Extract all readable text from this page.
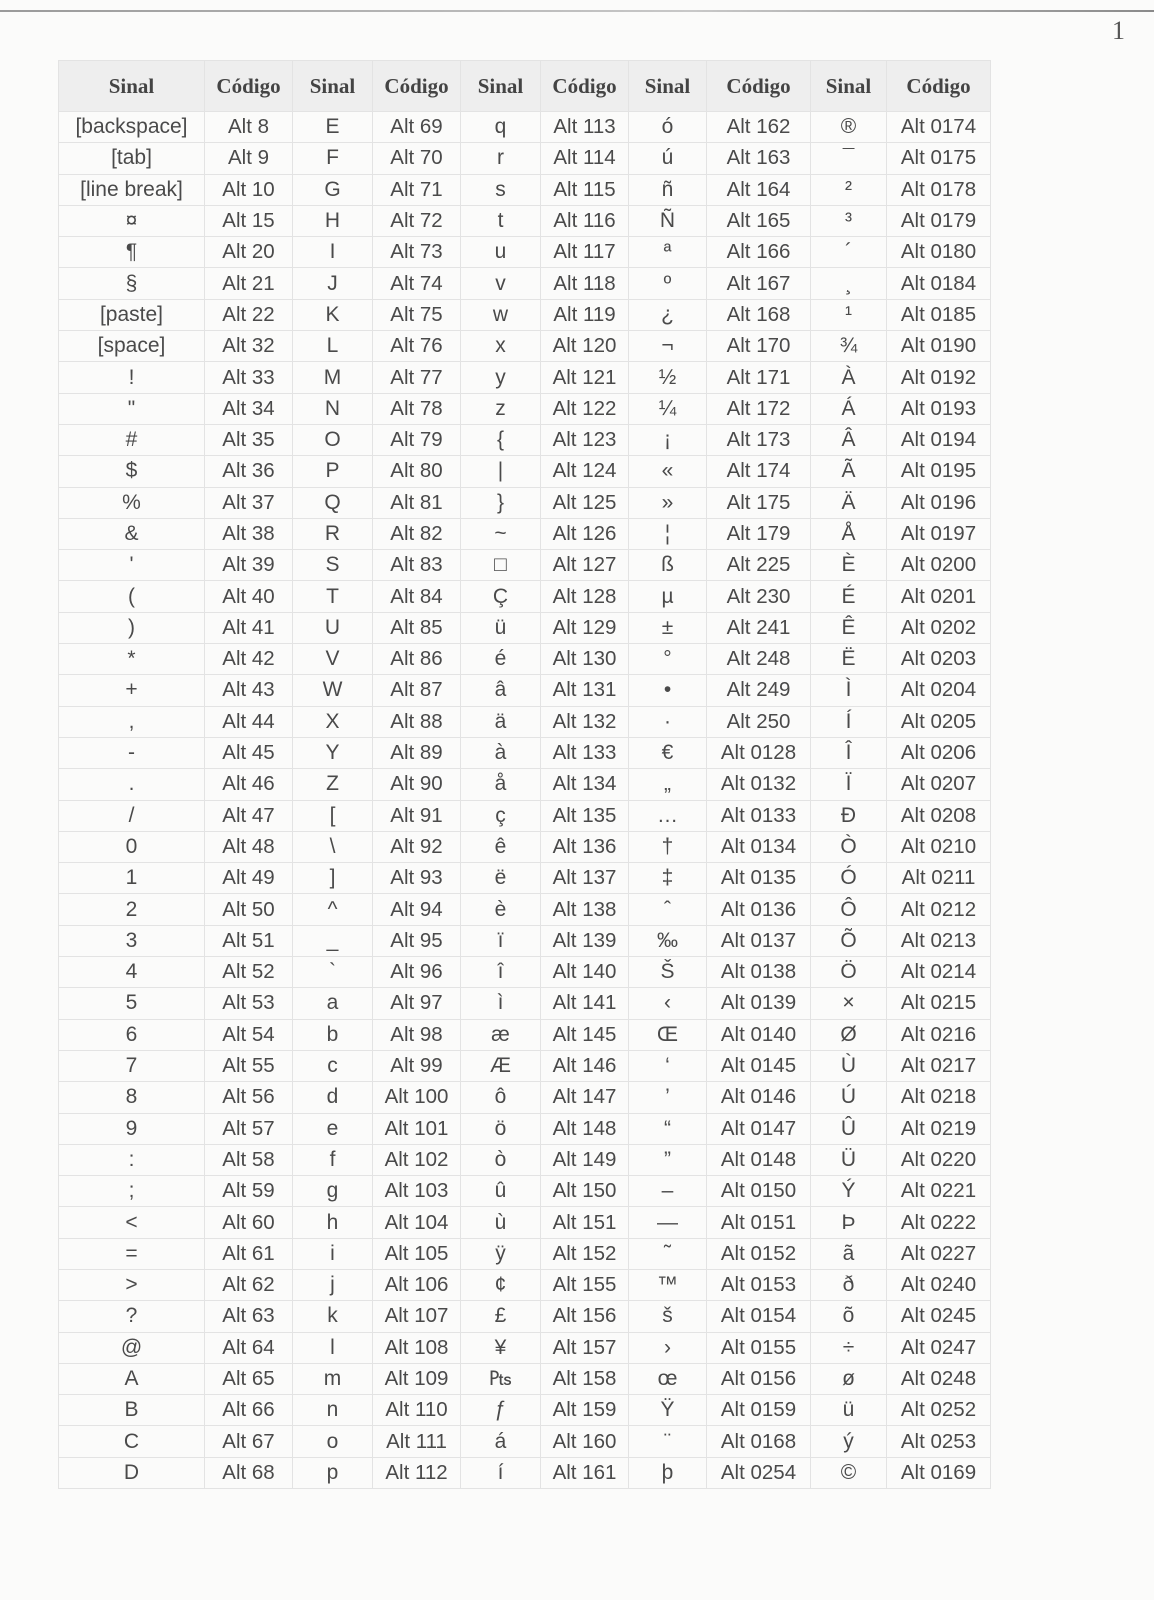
1
Sinal	Código	Sinal	Código	Sinal	Código	Sinal	Código	Sinal	Código
[backspace]	Alt 8	E	Alt 69	q	Alt 113	ó	Alt 162	®	Alt 0174
[tab]	Alt 9	F	Alt 70	r	Alt 114	ú	Alt 163	¯	Alt 0175
[line break]	Alt 10	G	Alt 71	s	Alt 115	ñ	Alt 164	²	Alt 0178
¤	Alt 15	H	Alt 72	t	Alt 116	Ñ	Alt 165	³	Alt 0179
¶	Alt 20	I	Alt 73	u	Alt 117	ª	Alt 166	´	Alt 0180
§	Alt 21	J	Alt 74	v	Alt 118	º	Alt 167	¸	Alt 0184
[paste]	Alt 22	K	Alt 75	w	Alt 119	¿	Alt 168	¹	Alt 0185
[space]	Alt 32	L	Alt 76	x	Alt 120	¬	Alt 170	¾	Alt 0190
!	Alt 33	M	Alt 77	y	Alt 121	½	Alt 171	À	Alt 0192
"	Alt 34	N	Alt 78	z	Alt 122	¼	Alt 172	Á	Alt 0193
#	Alt 35	O	Alt 79	{	Alt 123	¡	Alt 173	Â	Alt 0194
$	Alt 36	P	Alt 80	|	Alt 124	«	Alt 174	Ã	Alt 0195
%	Alt 37	Q	Alt 81	}	Alt 125	»	Alt 175	Ä	Alt 0196
&	Alt 38	R	Alt 82	~	Alt 126	¦	Alt 179	Å	Alt 0197
'	Alt 39	S	Alt 83	□	Alt 127	ß	Alt 225	È	Alt 0200
(	Alt 40	T	Alt 84	Ç	Alt 128	µ	Alt 230	É	Alt 0201
)	Alt 41	U	Alt 85	ü	Alt 129	±	Alt 241	Ê	Alt 0202
*	Alt 42	V	Alt 86	é	Alt 130	°	Alt 248	Ë	Alt 0203
+	Alt 43	W	Alt 87	â	Alt 131	•	Alt 249	Ì	Alt 0204
,	Alt 44	X	Alt 88	ä	Alt 132	·	Alt 250	Í	Alt 0205
-	Alt 45	Y	Alt 89	à	Alt 133	€	Alt 0128	Î	Alt 0206
.	Alt 46	Z	Alt 90	å	Alt 134	„	Alt 0132	Ï	Alt 0207
/	Alt 47	[	Alt 91	ç	Alt 135	…	Alt 0133	Ð	Alt 0208
0	Alt 48	\	Alt 92	ê	Alt 136	†	Alt 0134	Ò	Alt 0210
1	Alt 49	]	Alt 93	ë	Alt 137	‡	Alt 0135	Ó	Alt 0211
2	Alt 50	^	Alt 94	è	Alt 138	ˆ	Alt 0136	Ô	Alt 0212
3	Alt 51	_	Alt 95	ï	Alt 139	‰	Alt 0137	Õ	Alt 0213
4	Alt 52	`	Alt 96	î	Alt 140	Š	Alt 0138	Ö	Alt 0214
5	Alt 53	a	Alt 97	ì	Alt 141	‹	Alt 0139	×	Alt 0215
6	Alt 54	b	Alt 98	æ	Alt 145	Œ	Alt 0140	Ø	Alt 0216
7	Alt 55	c	Alt 99	Æ	Alt 146	‘	Alt 0145	Ù	Alt 0217
8	Alt 56	d	Alt 100	ô	Alt 147	’	Alt 0146	Ú	Alt 0218
9	Alt 57	e	Alt 101	ö	Alt 148	“	Alt 0147	Û	Alt 0219
:	Alt 58	f	Alt 102	ò	Alt 149	”	Alt 0148	Ü	Alt 0220
;	Alt 59	g	Alt 103	û	Alt 150	–	Alt 0150	Ý	Alt 0221
<	Alt 60	h	Alt 104	ù	Alt 151	—	Alt 0151	Þ	Alt 0222
=	Alt 61	i	Alt 105	ÿ	Alt 152	˜	Alt 0152	ã	Alt 0227
>	Alt 62	j	Alt 106	¢	Alt 155	™	Alt 0153	ð	Alt 0240
?	Alt 63	k	Alt 107	£	Alt 156	š	Alt 0154	õ	Alt 0245
@	Alt 64	l	Alt 108	¥	Alt 157	›	Alt 0155	÷	Alt 0247
A	Alt 65	m	Alt 109	₧	Alt 158	œ	Alt 0156	ø	Alt 0248
B	Alt 66	n	Alt 110	ƒ	Alt 159	Ÿ	Alt 0159	ü	Alt 0252
C	Alt 67	o	Alt 111	á	Alt 160	¨	Alt 0168	ý	Alt 0253
D	Alt 68	p	Alt 112	í	Alt 161	þ	Alt 0254	©	Alt 0169
